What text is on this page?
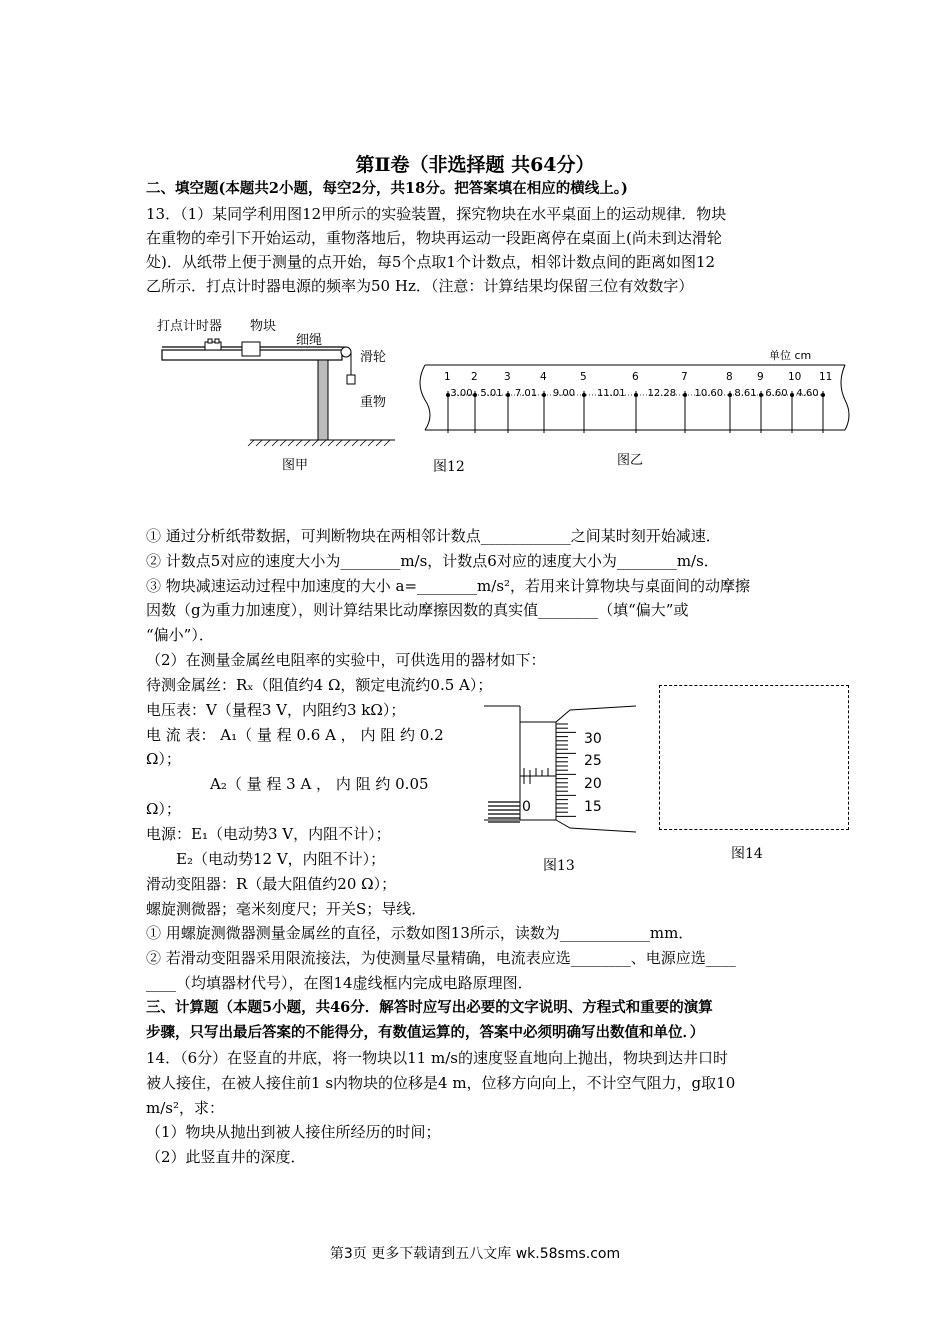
第Ⅱ卷（非选择题 共64分）
二、填空题(本题共2小题，每空2分，共18分。把答案填在相应的横线上。)
13．（1）某同学利用图12甲所示的实验装置，探究物块在水平桌面上的运动规律．物块
在重物的牵引下开始运动，重物落地后，物块再运动一段距离停在桌面上(尚未到达滑轮
处)．从纸带上便于测量的点开始，每5个点取1个计数点，相邻计数点间的距离如图12
乙所示．打点计时器电源的频率为50 Hz．（注意：计算结果均保留三位有效数字）
打点计时器 物块
细绳
滑轮
重物
图甲	图12
单位 cm
1 2	3	4	5	6	7	8 9 10 11
3.00 5.01 7.01 9.00 11.01 12.28 10.60 8.61 6.60 4.60
图乙
① 通过分析纸带数据，可判断物块在两相邻计数点____________之间某时刻开始减速．
② 计数点5对应的速度大小为________m/s，计数点6对应的速度大小为________m/s．
③ 物块减速运动过程中加速度的大小 a=________m/s²，若用来计算物块与桌面间的动摩擦
因数（g为重力加速度），则计算结果比动摩擦因数的真实值________（填“偏大”或
“偏小”）．
（2）在测量金属丝电阻率的实验中，可供选用的器材如下：
待测金属丝：Rₓ（阻值约4 Ω，额定电流约0.5 A）；
电压表：V（量程3 V，内阻约3 kΩ）；
电 流 表： A₁（ 量 程 0.6 A ， 内 阻 约 0.2
Ω）；
A₂（ 量 程 3 A ， 内 阻 约 0.05
Ω）；
电源：E₁（电动势3 V，内阻不计）；
E₂（电动势12 V，内阻不计）；
滑动变阻器：R（最大阻值约20 Ω）；
螺旋测微器；毫米刻度尺；开关S；导线．
30
25
20
15
0
图13
图14
① 用螺旋测微器测量金属丝的直径，示数如图13所示，读数为____________mm．
② 若滑动变阻器采用限流接法，为使测量尽量精确，电流表应选________、电源应选____
____（均填器材代号），在图14虚线框内完成电路原理图．
三、计算题（本题5小题，共46分．解答时应写出必要的文字说明、方程式和重要的演算
步骤，只写出最后答案的不能得分，有数值运算的，答案中必须明确写出数值和单位．）
14．（6分）在竖直的井底，将一物块以11 m/s的速度竖直地向上抛出，物块到达井口时
被人接住，在被人接住前1 s内物块的位移是4 m，位移方向向上，不计空气阻力，g取10
m/s²，求：
（1）物块从抛出到被人接住所经历的时间；
（2）此竖直井的深度．
第3页 更多下载请到五八文库 wk.58sms.com
